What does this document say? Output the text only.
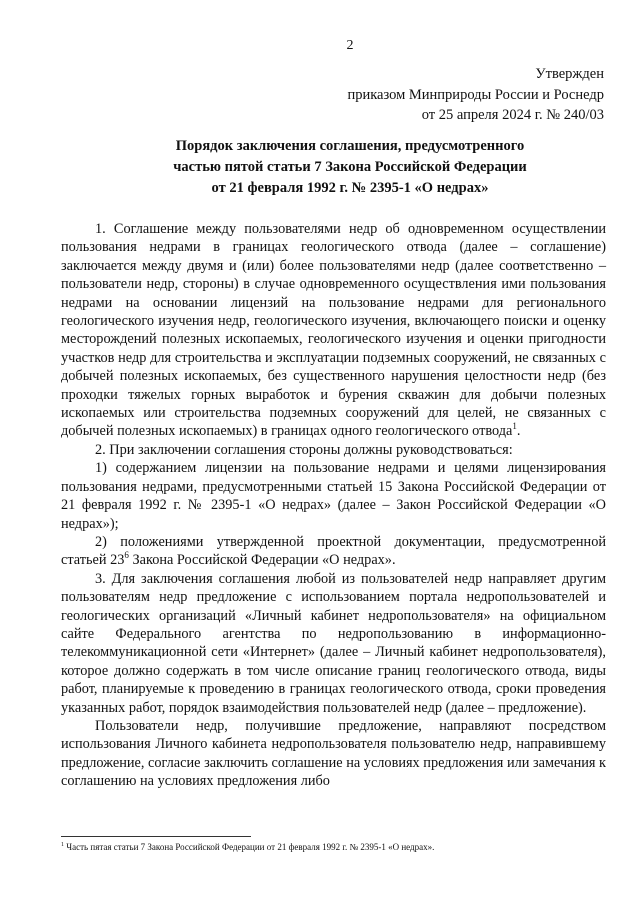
2
Утвержден
приказом Минприроды России и Роснедр
от 25 апреля 2024 г. № 240/03
Порядок заключения соглашения, предусмотренного
частью пятой статьи 7 Закона Российской Федерации
от 21 февраля 1992 г. № 2395-1 «О недрах»

1. Соглашение между пользователями недр об одновременном осуществлении пользования недрами в границах геологического отвода (далее – соглашение) заключается между двумя и (или) более пользователями недр (далее соответственно – пользователи недр, стороны) в случае одновременного осуществления ими пользования недрами на основании лицензий на пользование недрами для регионального геологического изучения недр, геологического изучения, включающего поиски и оценку месторождений полезных ископаемых, геологического изучения и оценки пригодности участков недр для строительства и эксплуатации подземных сооружений, не связанных с добычей полезных ископаемых, без существенного нарушения целостности недр (без проходки тяжелых горных выработок и бурения скважин для добычи полезных ископаемых или строительства подземных сооружений для целей, не связанных с добычей полезных ископаемых) в границах одного геологического отвода$^1$.

2. При заключении соглашения стороны должны руководствоваться:

1) содержанием лицензии на пользование недрами и целями лицензирования пользования недрами, предусмотренными статьей 15 Закона Российской Федерации от 21 февраля 1992 г. № 2395-1 «О недрах» (далее – Закон Российской Федерации «О недрах»);

2) положениями утвержденной проектной документации, предусмотренной статьей $23^6$ Закона Российской Федерации «О недрах».

3. Для заключения соглашения любой из пользователей недр направляет другим пользователям недр предложение с использованием портала недропользователей и геологических организаций «Личный кабинет недропользователя» на официальном сайте Федерального агентства по недропользованию в информационно-телекоммуникационной сети «Интернет» (далее – Личный кабинет недропользователя), которое должно содержать в том числе описание границ геологического отвода, виды работ, планируемые к проведению в границах геологического отвода, сроки проведения указанных работ, порядок взаимодействия пользователей недр (далее – предложение).

Пользователи недр, получившие предложение, направляют посредством использования Личного кабинета недропользователя пользователю недр, направившему предложение, согласие заключить соглашение на условиях предложения или замечания к соглашению на условиях предложения либо

$^1$ Часть пятая статьи 7 Закона Российской Федерации от 21 февраля 1992 г. № 2395-1 «О недрах».
